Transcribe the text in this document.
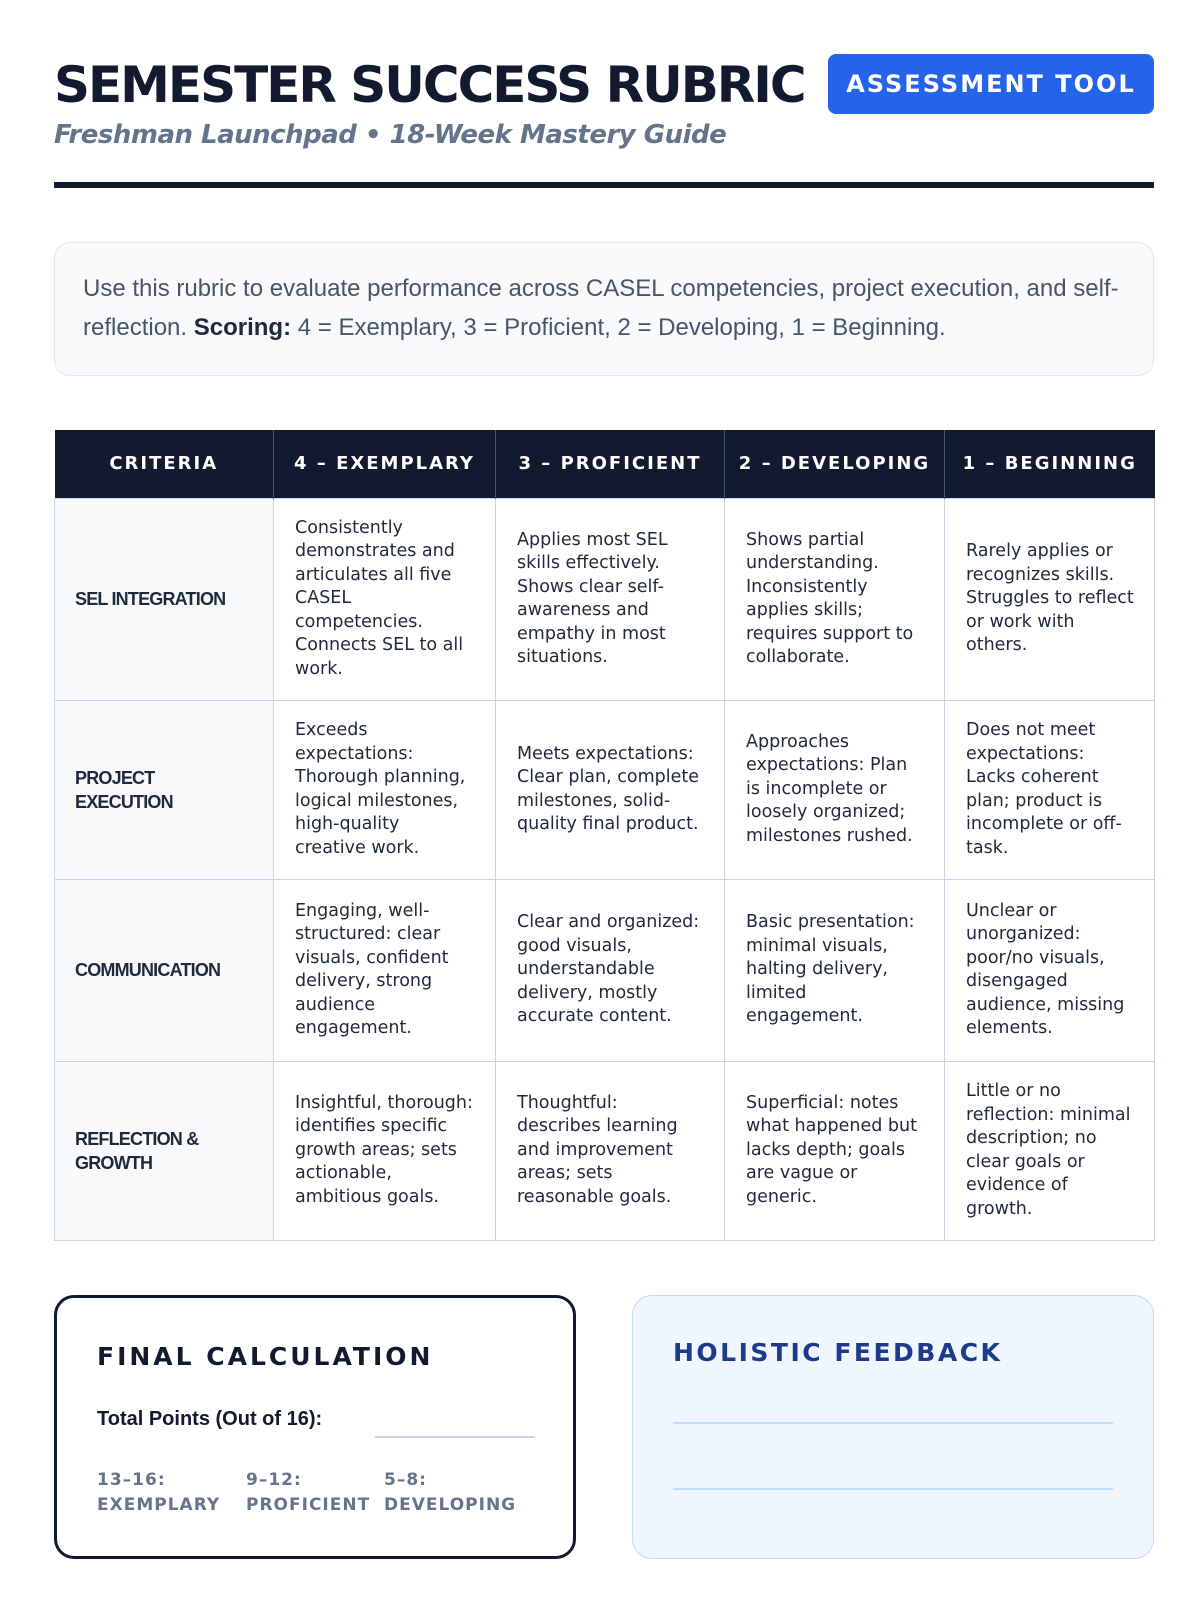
SEMESTER SUCCESS RUBRIC
Freshman Launchpad • 18-Week Mastery Guide
ASSESSMENT TOOL
Use this rubric to evaluate performance across CASEL competencies, project execution, and self-reflection. Scoring: 4 = Exemplary, 3 = Proficient, 2 = Developing, 1 = Beginning.
CRITERIA	4 – EXEMPLARY	3 – PROFICIENT	2 – DEVELOPING	1 – BEGINNING
SEL INTEGRATION	Consistently demonstrates and articulates all five CASEL competencies. Connects SEL to all work.	Applies most SEL skills effectively. Shows clear self-awareness and empathy in most situations.	Shows partial understanding. Inconsistently applies skills; requires support to collaborate.	Rarely applies or recognizes skills. Struggles to reflect or work with others.
PROJECT EXECUTION	Exceeds expectations: Thorough planning, logical milestones, high-quality creative work.	Meets expectations: Clear plan, complete milestones, solid-quality final product.	Approaches expectations: Plan is incomplete or loosely organized; milestones rushed.	Does not meet expectations: Lacks coherent plan; product is incomplete or off-task.
COMMUNICATION	Engaging, well-structured: clear visuals, confident delivery, strong audience engagement.	Clear and organized: good visuals, understandable delivery, mostly accurate content.	Basic presentation: minimal visuals, halting delivery, limited engagement.	Unclear or unorganized: poor/no visuals, disengaged audience, missing elements.
REFLECTION & GROWTH	Insightful, thorough: identifies specific growth areas; sets actionable, ambitious goals.	Thoughtful: describes learning and improvement areas; sets reasonable goals.	Superficial: notes what happened but lacks depth; goals are vague or generic.	Little or no reflection: minimal description; no clear goals or evidence of growth.
FINAL CALCULATION
Total Points (Out of 16):
13–16:
EXEMPLARY
9–12:
PROFICIENT
5–8:
DEVELOPING
HOLISTIC FEEDBACK
